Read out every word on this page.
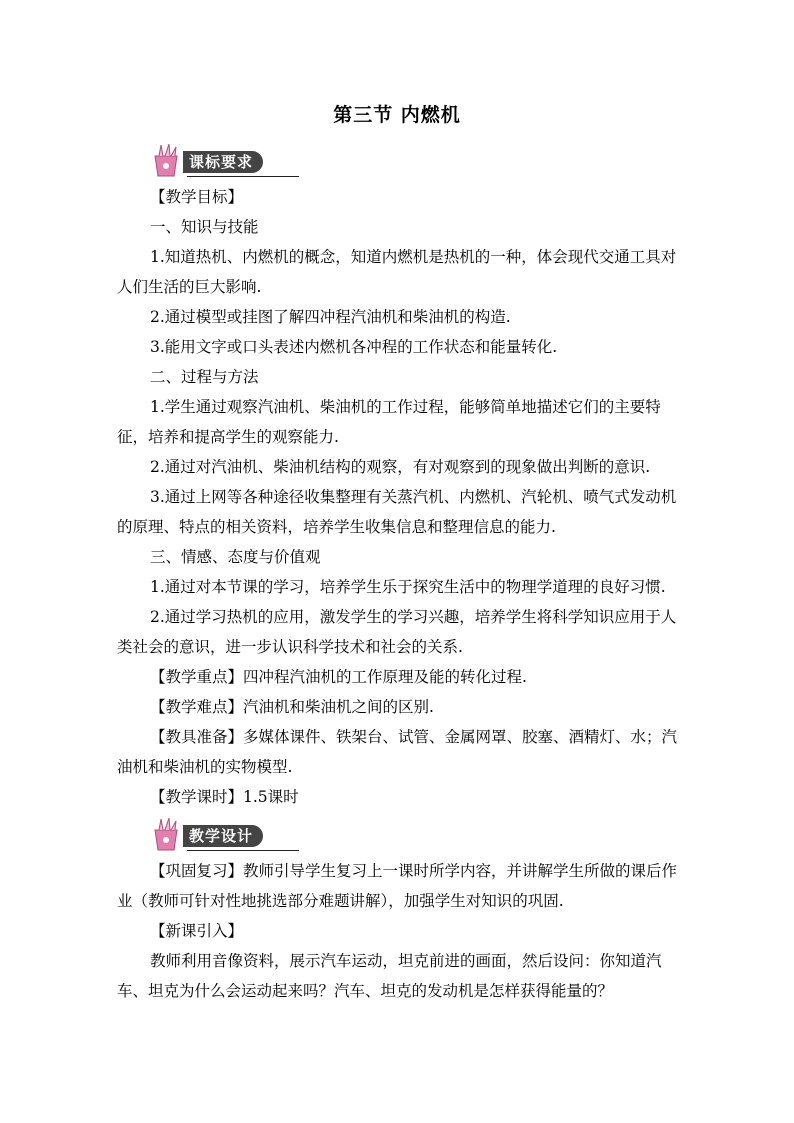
第三节 内燃机
课标要求

【教学目标】

一、知识与技能

1.知道热机、内燃机的概念，知道内燃机是热机的一种，体会现代交通工具对人们生活的巨大影响.

2.通过模型或挂图了解四冲程汽油机和柴油机的构造.

3.能用文字或口头表述内燃机各冲程的工作状态和能量转化.

二、过程与方法

1.学生通过观察汽油机、柴油机的工作过程，能够简单地描述它们的主要特征，培养和提高学生的观察能力.

2.通过对汽油机、柴油机结构的观察，有对观察到的现象做出判断的意识.

3.通过上网等各种途径收集整理有关蒸汽机、内燃机、汽轮机、喷气式发动机的原理、特点的相关资料，培养学生收集信息和整理信息的能力.

三、情感、态度与价值观

1.通过对本节课的学习，培养学生乐于探究生活中的物理学道理的良好习惯.

2.通过学习热机的应用，激发学生的学习兴趣，培养学生将科学知识应用于人类社会的意识，进一步认识科学技术和社会的关系.

【教学重点】四冲程汽油机的工作原理及能的转化过程.

【教学难点】汽油机和柴油机之间的区别.

【教具准备】多媒体课件、铁架台、试管、金属网罩、胶塞、酒精灯、水；汽油机和柴油机的实物模型.

【教学课时】1.5课时

教学设计

【巩固复习】教师引导学生复习上一课时所学内容，并讲解学生所做的课后作业（教师可针对性地挑选部分难题讲解），加强学生对知识的巩固.

【新课引入】

教师利用音像资料，展示汽车运动，坦克前进的画面，然后设问：你知道汽车、坦克为什么会运动起来吗？汽车、坦克的发动机是怎样获得能量的？
